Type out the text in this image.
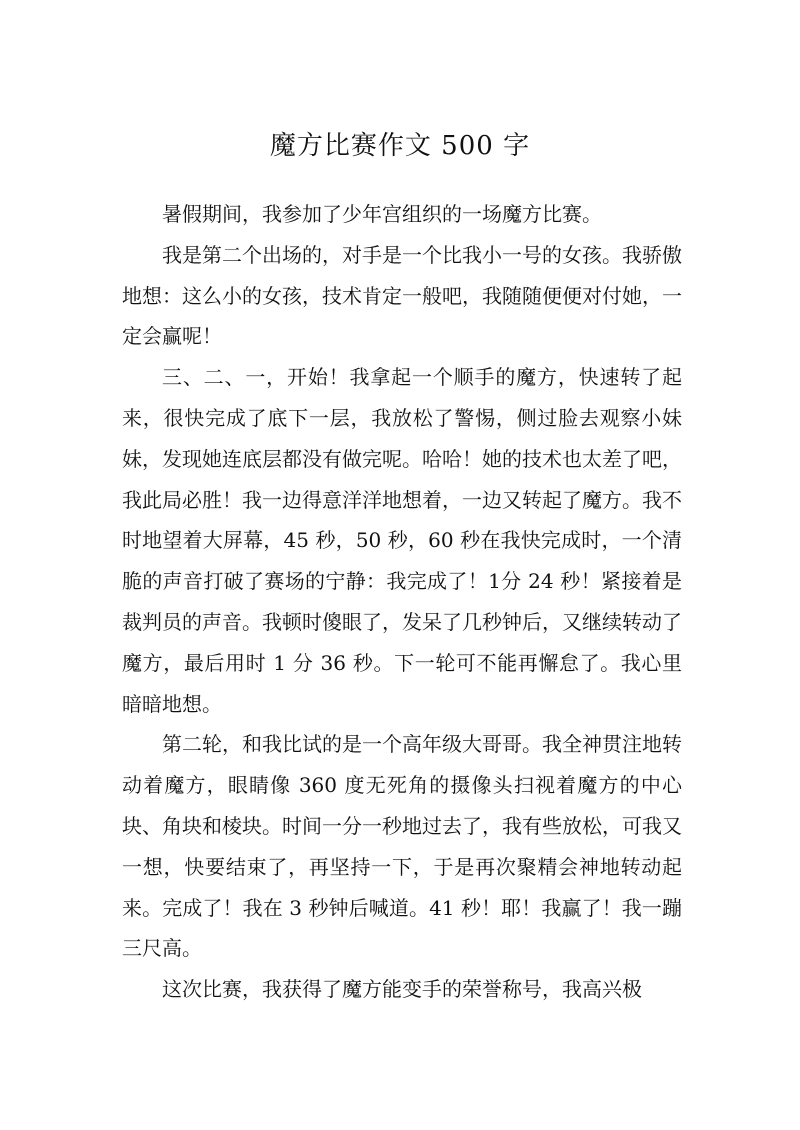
魔方比赛作文 500 字

暑假期间，我参加了少年宫组织的一场魔方比赛。

我是第二个出场的，对手是一个比我小一号的女孩。我骄傲地想：这么小的女孩，技术肯定一般吧，我随随便便对付她，一定会赢呢！

三、二、一，开始！我拿起一个顺手的魔方，快速转了起来，很快完成了底下一层，我放松了警惕，侧过脸去观察小妹妹，发现她连底层都没有做完呢。哈哈！她的技术也太差了吧，我此局必胜！我一边得意洋洋地想着，一边又转起了魔方。我不时地望着大屏幕，45 秒，50 秒，60 秒在我快完成时，一个清脆的声音打破了赛场的宁静：我完成了！1分 24 秒！紧接着是裁判员的声音。我顿时傻眼了，发呆了几秒钟后，又继续转动了魔方，最后用时 1 分 36 秒。下一轮可不能再懈怠了。我心里暗暗地想。

第二轮，和我比试的是一个高年级大哥哥。我全神贯注地转动着魔方，眼睛像 360 度无死角的摄像头扫视着魔方的中心块、角块和棱块。时间一分一秒地过去了，我有些放松，可我又一想，快要结束了，再坚持一下，于是再次聚精会神地转动起来。完成了！我在 3 秒钟后喊道。41 秒！耶！我赢了！我一蹦三尺高。

这次比赛，我获得了魔方能变手的荣誉称号，我高兴极
